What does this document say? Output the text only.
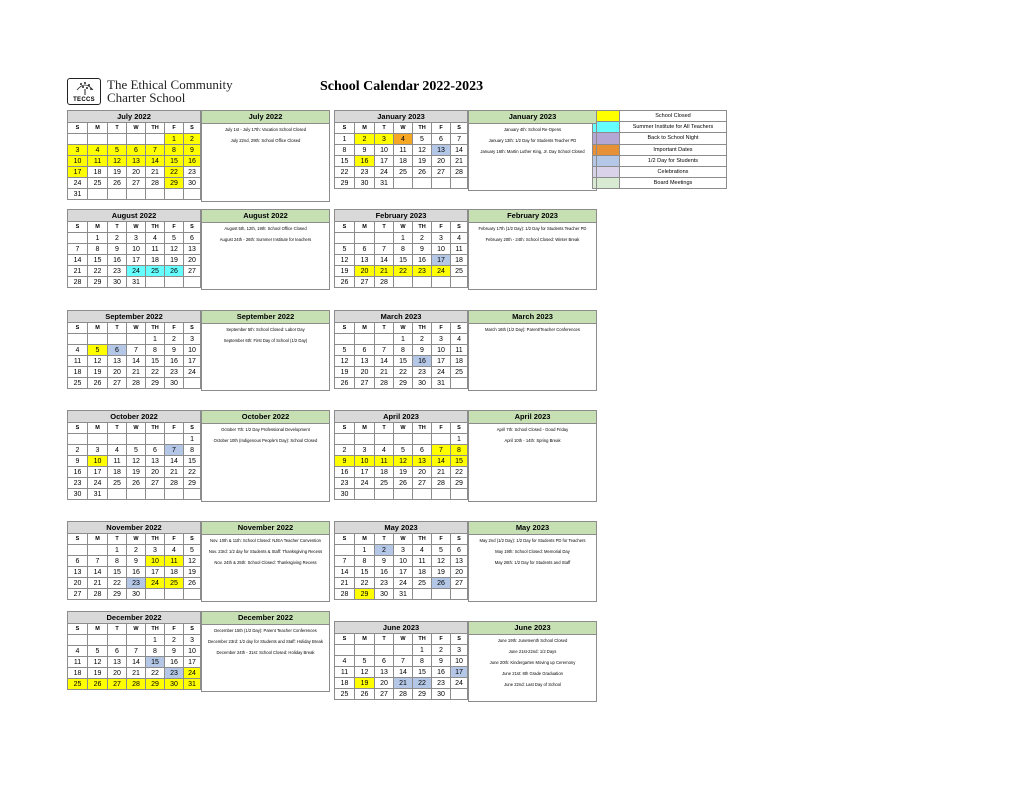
TECCS
The Ethical Community
Charter School
School Calendar 2022-2023
	School Closed
	Summer Institute for All Teachers
	Back to School Night
	Important Dates
	1/2 Day for Students
	Celebrations
	Board Meetings
July 2022						
S	M	T	W	TH	F	S
					1	2
3	4	5	6	7	8	9
10	11	12	13	14	15	16
17	18	19	20	21	22	23
24	25	26	27	28	29	30
31						
July 2022
July 1st - July 17th: Vacation School Closed
July 22nd, 29th: School Office Closed

August 2022						
S	M	T	W	TH	F	S
	1	2	3	4	5	6
7	8	9	10	11	12	13
14	15	16	17	18	19	20
21	22	23	24	25	26	27
28	29	30	31			
August 2022
August 5th, 12th, 19th: School Office Closed
August 24th - 26th: Summer Institute for teachers

September 2022						
S	M	T	W	TH	F	S
				1	2	3
4	5	6	7	8	9	10
11	12	13	14	15	16	17
18	19	20	21	22	23	24
25	26	27	28	29	30	
September 2022
September 5th: School Closed: Labor Day
September 6th: First Day of School (1/2 Day)

October 2022						
S	M	T	W	TH	F	S
						1
2	3	4	5	6	7	8
9	10	11	12	13	14	15
16	17	18	19	20	21	22
23	24	25	26	27	28	29
30	31					
October 2022
October 7th: 1/2 Day Professional Development
October 10th (Indigenous People's Day): School Closed

November 2022						
S	M	T	W	TH	F	S
		1	2	3	4	5
6	7	8	9	10	11	12
13	14	15	16	17	18	19
20	21	22	23	24	25	26
27	28	29	30			
November 2022
Nov. 10th & 11th: School Closed: NJEA Teacher Convention
Nov. 23rd: 1/2 day for Students & Staff: Thanksgiving Recess
Nov. 24th & 25th: School Closed: Thanksgiving Recess

December 2022						
S	M	T	W	TH	F	S
				1	2	3
4	5	6	7	8	9	10
11	12	13	14	15	16	17
18	19	20	21	22	23	24
25	26	27	28	29	30	31
December 2022
December 15th (1/2 Day): Parent Teacher Conferences
December 23rd: 1/2 day for Students and Staff: Holiday Break
December 24th - 31st: School Closed: Holiday Break

January 2023						
S	M	T	W	TH	F	S
1	2	3	4	5	6	7
8	9	10	11	12	13	14
15	16	17	18	19	20	21
22	23	24	25	26	27	28
29	30	31				
January 2023
January 4th: School Re-Opens
January 13th: 1/2 Day for Students Teacher PD
January 16th: Martin Luther King, Jr. Day School Closed

February 2023						
S	M	T	W	TH	F	S
			1	2	3	4
5	6	7	8	9	10	11
12	13	14	15	16	17	18
19	20	21	22	23	24	25
26	27	28				
February 2023
February 17th (1/2 Day): 1/2 Day for Students Teacher PD
February 20th - 24th: School Closed: Winter Break

March 2023						
S	M	T	W	TH	F	S
			1	2	3	4
5	6	7	8	9	10	11
12	13	14	15	16	17	18
19	20	21	22	23	24	25
26	27	28	29	30	31	
March 2023
March 16th (1/2 Day): Parent/Teacher Conferences

April 2023						
S	M	T	W	TH	F	S
						1
2	3	4	5	6	7	8
9	10	11	12	13	14	15
16	17	18	19	20	21	22
23	24	25	26	27	28	29
30						
April 2023
April 7th: School Closed - Good Friday
April 10th - 14th: Spring Break

May 2023						
S	M	T	W	TH	F	S
	1	2	3	4	5	6
7	8	9	10	11	12	13
14	15	16	17	18	19	20
21	22	23	24	25	26	27
28	29	30	31			
May 2023
May 2nd (1/2 Day): 1/2 Day for Students PD for Teachers
May 19th: School Closed: Memorial Day
May 26th: 1/2 Day for Students and Staff

June 2023						
S	M	T	W	TH	F	S
				1	2	3
4	5	6	7	8	9	10
11	12	13	14	15	16	17
18	19	20	21	22	23	24
25	26	27	28	29	30	
June 2023
June 19th: Juneteenth School Closed
June 21st-22nd: 1/2 Days
June 20th: Kindergarten Moving up Ceremony
June 21st: 8th Grade Graduation
June 22nd: Last Day of School
